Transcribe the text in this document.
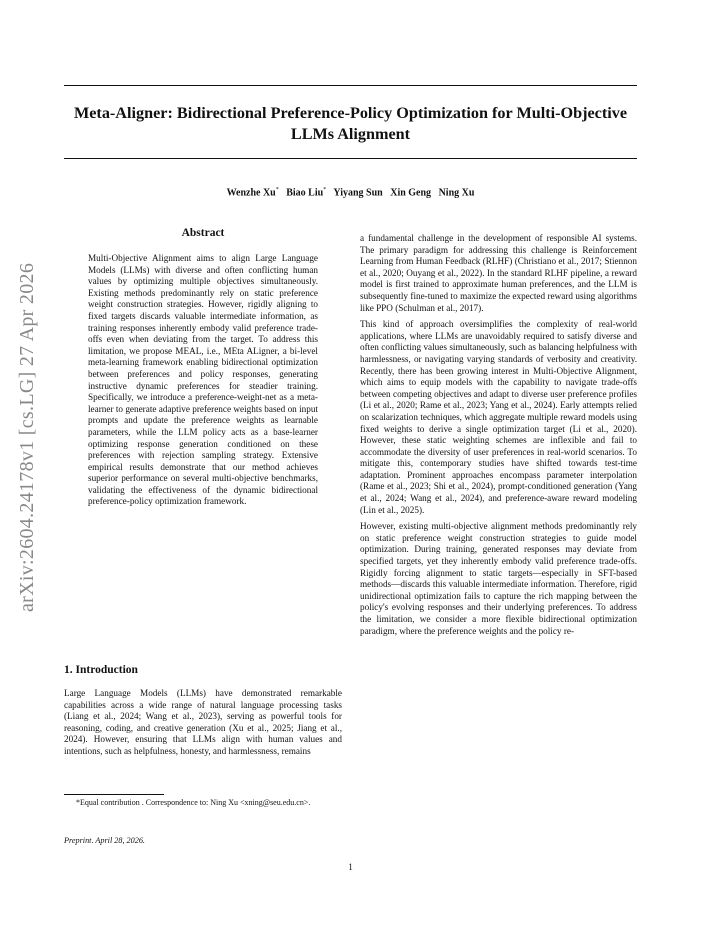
arXiv:2604.24178v1 [cs.LG] 27 Apr 2026
Meta-Aligner: Bidirectional Preference-Policy Optimization for Multi-Objective
LLMs Alignment
Wenzhe Xu* Biao Liu* Yiyang Sun Xin Geng Ning Xu
Abstract

Multi-Objective Alignment aims to align Large Language Models (LLMs) with diverse and often conflicting human values by optimizing multiple objectives simultaneously. Existing methods predominantly rely on static preference weight construction strategies. However, rigidly aligning to fixed targets discards valuable intermediate information, as training responses inherently embody valid preference trade-offs even when deviating from the target. To address this limitation, we propose MEAL, i.e., MEta ALigner, a bi-level meta-learning framework enabling bidirectional optimization between preferences and policy responses, generating instructive dynamic preferences for steadier training. Specifically, we introduce a preference-weight-net as a meta-learner to generate adaptive preference weights based on input prompts and update the preference weights as learnable parameters, while the LLM policy acts as a base-learner optimizing response generation conditioned on these preferences with rejection sampling strategy. Extensive empirical results demonstrate that our method achieves superior performance on several multi-objective benchmarks, validating the effectiveness of the dynamic bidirectional preference-policy optimization framework.

1. Introduction

Large Language Models (LLMs) have demonstrated remarkable capabilities across a wide range of natural language processing tasks (Liang et al., 2024; Wang et al., 2023), serving as powerful tools for reasoning, coding, and creative generation (Xu et al., 2025; Jiang et al., 2024). However, ensuring that LLMs align with human values and intentions, such as helpfulness, honesty, and harmlessness, remains

*Equal contribution . Correspondence to: Ning Xu <xning@seu.edu.cn>.

Preprint. April 28, 2026.

a fundamental challenge in the development of responsible AI systems. The primary paradigm for addressing this challenge is Reinforcement Learning from Human Feedback (RLHF) (Christiano et al., 2017; Stiennon et al., 2020; Ouyang et al., 2022). In the standard RLHF pipeline, a reward model is first trained to approximate human preferences, and the LLM is subsequently fine-tuned to maximize the expected reward using algorithms like PPO (Schulman et al., 2017).

This kind of approach oversimplifies the complexity of real-world applications, where LLMs are unavoidably required to satisfy diverse and often conflicting values simultaneously, such as balancing helpfulness with harmlessness, or navigating varying standards of verbosity and creativity. Recently, there has been growing interest in Multi-Objective Alignment, which aims to equip models with the capability to navigate trade-offs between competing objectives and adapt to diverse user preference profiles (Li et al., 2020; Rame et al., 2023; Yang et al., 2024). Early attempts relied on scalarization techniques, which aggregate multiple reward models using fixed weights to derive a single optimization target (Li et al., 2020). However, these static weighting schemes are inflexible and fail to accommodate the diversity of user preferences in real-world scenarios. To mitigate this, contemporary studies have shifted towards test-time adaptation. Prominent approaches encompass parameter interpolation (Rame et al., 2023; Shi et al., 2024), prompt-conditioned generation (Yang et al., 2024; Wang et al., 2024), and preference-aware reward modeling (Lin et al., 2025).

However, existing multi-objective alignment methods predominantly rely on static preference weight construction strategies to guide model optimization. During training, generated responses may deviate from specified targets, yet they inherently embody valid preference trade-offs. Rigidly forcing alignment to static targets—especially in SFT-based methods—discards this valuable intermediate information. Therefore, rigid unidirectional optimization fails to capture the rich mapping between the policy's evolving responses and their underlying preferences. To address the limitation, we consider a more flexible bidirectional optimization paradigm, where the preference weights and the policy re-

1
